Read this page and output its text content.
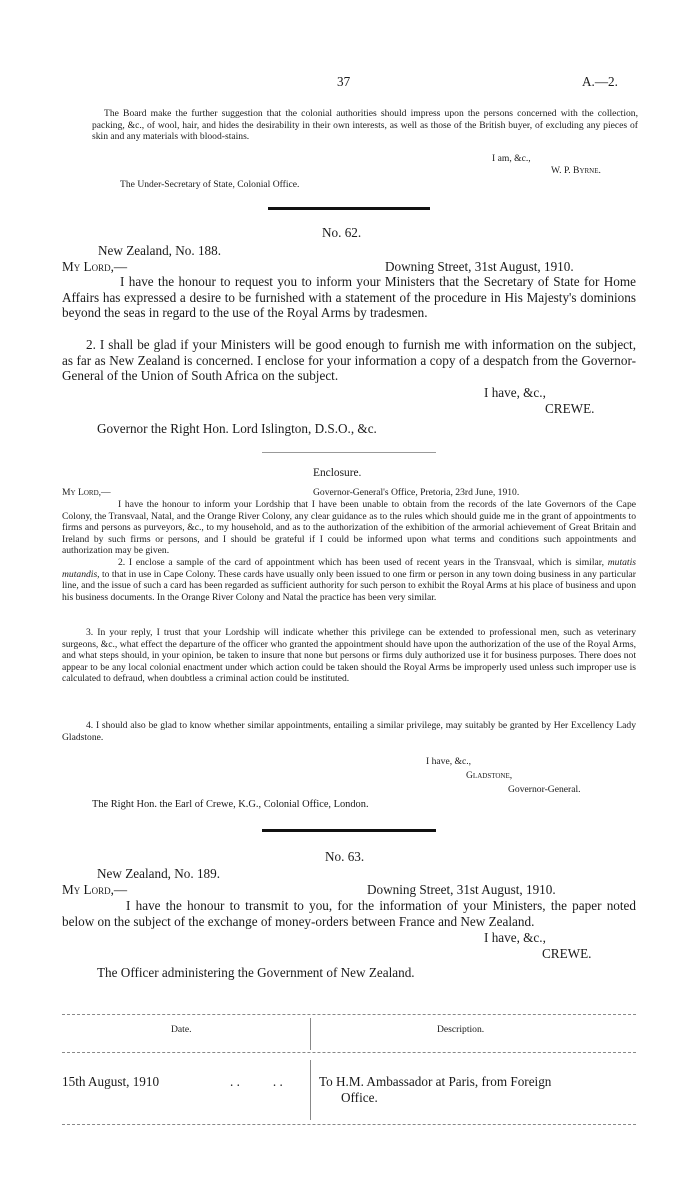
37	A.—2.
The Board make the further suggestion that the colonial authorities should impress upon the persons concerned with the collection, packing, &c., of wool, hair, and hides the desirability in their own interests, as well as those of the British buyer, of excluding any pieces of skin and any materials with blood-stains.
I am, &c.,
W. P. Byrne.
The Under-Secretary of State, Colonial Office.
No. 62.
New Zealand, No. 188.
My Lord,—	Downing Street, 31st August, 1910.
I have the honour to request you to inform your Ministers that the Secretary of State for Home Affairs has expressed a desire to be furnished with a statement of the procedure in His Majesty's dominions beyond the seas in regard to the use of the Royal Arms by tradesmen.
2. I shall be glad if your Ministers will be good enough to furnish me with information on the subject, as far as New Zealand is concerned. I enclose for your information a copy of a despatch from the Governor-General of the Union of South Africa on the subject.
I have, &c.,
CREWE.
Governor the Right Hon. Lord Islington, D.S.O., &c.
Enclosure.
My Lord,—	Governor-General's Office, Pretoria, 23rd June, 1910.
I have the honour to inform your Lordship that I have been unable to obtain from the records of the late Governors of the Cape Colony, the Transvaal, Natal, and the Orange River Colony, any clear guidance as to the rules which should guide me in the grant of appointments to firms and persons as purveyors, &c., to my household, and as to the authorization of the exhibition of the armorial achievement of Great Britain and Ireland by such firms or persons, and I should be grateful if I could be informed upon what terms and conditions such appointments and authorization may be given.
2. I enclose a sample of the card of appointment which has been used of recent years in the Transvaal, which is similar, mutatis mutandis, to that in use in Cape Colony. These cards have usually only been issued to one firm or person in any town doing business in any particular line, and the issue of such a card has been regarded as sufficient authority for such person to exhibit the Royal Arms at his place of business and upon his business documents. In the Orange River Colony and Natal the practice has been very similar.
3. In your reply, I trust that your Lordship will indicate whether this privilege can be extended to professional men, such as veterinary surgeons, &c., what effect the departure of the officer who granted the appointment should have upon the authorization of the use of the Royal Arms, and what steps should, in your opinion, be taken to insure that none but persons or firms duly authorized use it for business purposes. There does not appear to be any local colonial enactment under which action could be taken should the Royal Arms be improperly used unless such improper use is calculated to defraud, when doubtless a criminal action could be instituted.
4. I should also be glad to know whether similar appointments, entailing a similar privilege, may suitably be granted by Her Excellency Lady Gladstone.
I have, &c.,
Gladstone,
Governor-General.
The Right Hon. the Earl of Crewe, K.G., Colonial Office, London.
No. 63.
New Zealand, No. 189.
My Lord,—	Downing Street, 31st August, 1910.
I have the honour to transmit to you, for the information of your Ministers, the paper noted below on the subject of the exchange of money-orders between France and New Zealand.
I have, &c.,
CREWE.
The Officer administering the Government of New Zealand.
Date.	Description.
15th August, 1910	. .          . .	To H.M. Ambassador at Paris, from Foreign
Office.
